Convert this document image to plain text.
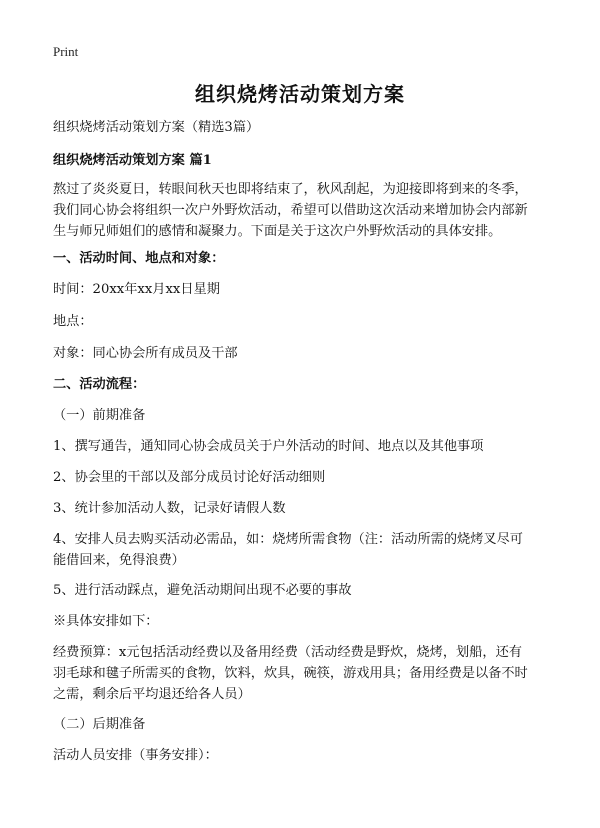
Print
组织烧烤活动策划方案
组织烧烤活动策划方案（精选3篇）
组织烧烤活动策划方案 篇1
熬过了炎炎夏日，转眼间秋天也即将结束了，秋风刮起，为迎接即将到来的冬季，
我们同心协会将组织一次户外野炊活动，希望可以借助这次活动来增加协会内部新
生与师兄师姐们的感情和凝聚力。下面是关于这次户外野炊活动的具体安排。
一、活动时间、地点和对象：
时间：20xx年xx月xx日星期
地点：
对象：同心协会所有成员及干部
二、活动流程：
（一）前期准备
1、撰写通告，通知同心协会成员关于户外活动的时间、地点以及其他事项
2、协会里的干部以及部分成员讨论好活动细则
3、统计参加活动人数，记录好请假人数
4、安排人员去购买活动必需品，如：烧烤所需食物（注：活动所需的烧烤叉尽可
能借回来，免得浪费）
5、进行活动踩点，避免活动期间出现不必要的事故
※具体安排如下：
经费预算：x元包括活动经费以及备用经费（活动经费是野炊，烧烤，划船，还有
羽毛球和毽子所需买的食物，饮料，炊具，碗筷，游戏用具；备用经费是以备不时
之需，剩余后平均退还给各人员）
（二）后期准备
活动人员安排（事务安排）：
